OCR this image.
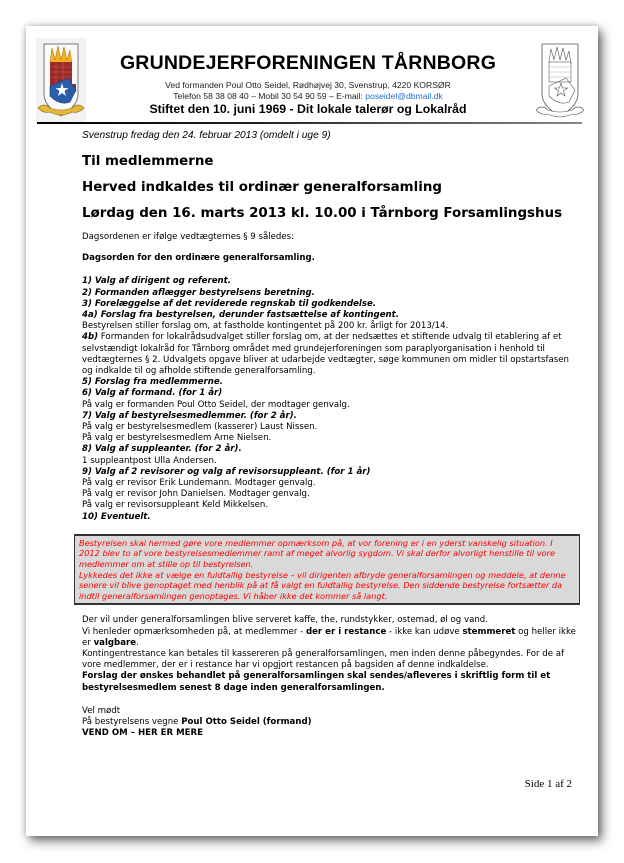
GRUNDEJERFORENINGEN TÅRNBORG
Ved formanden Poul Otto Seidel, Rødhøjvej 30, Svenstrup, 4220 KORSØR
Telefon 58 38 08 40 – Mobil 30 54 90 59 – E-mail: poseidel@dbmail.dk
Stiftet den 10. juni 1969 - Dit lokale talerør og Lokalråd
Svenstrup fredag den 24. februar 2013 (omdelt i uge 9)
Til medlemmerne
Herved indkaldes til ordinær generalforsamling
Lørdag den 16. marts 2013 kl. 10.00 i Tårnborg Forsamlingshus
Dagsordenen er ifølge vedtægternes § 9 således:
Dagsorden for den ordinære generalforsamling.
1) Valg af dirigent og referent.
2) Formanden aflægger bestyrelsens beretning.
3) Forelæggelse af det reviderede regnskab til godkendelse.
4a) Forslag fra bestyrelsen, derunder fastsættelse af kontingent.
Bestyrelsen stiller forslag om, at fastholde kontingentet på 200 kr. årligt for 2013/14.
4b) Formanden for lokalrådsudvalget stiller forslag om, at der nedsættes et stiftende udvalg til etablering af et selvstændigt lokalråd for Tårnborg området med grundejerforeningen som paraplyorganisation i henhold til vedtægternes § 2. Udvalgets opgave bliver at udarbejde vedtægter, søge kommunen om midler til opstartsfasen og indkalde til og afholde stiftende generalforsamling.
5) Forslag fra medlemmerne.
6) Valg af formand. (for 1 år)
På valg er formanden Poul Otto Seidel, der modtager genvalg.
7) Valg af bestyrelsesmedlemmer. (for 2 år).
På valg er bestyrelsesmedlem (kasserer) Laust Nissen.
På valg er bestyrelsesmedlem Arne Nielsen.
8) Valg af suppleanter. (for 2 år).
1 suppleantpost Ulla Andersen.
9) Valg af 2 revisorer og valg af revisorsuppleant. (for 1 år)
På valg er revisor Erik Lundemann. Modtager genvalg.
På valg er revisor John Danielsen. Modtager genvalg.
På valg er revisorsuppleant Keld Mikkelsen.
10) Eventuelt.
Bestyrelsen skal hermed gøre vore medlemmer opmærksom på, at vor forening er i en yderst vanskelig situation. I 2012 blev to af vore bestyrelsesmedlemmer ramt af meget alvorlig sygdom. Vi skal derfor alvorligt henstille til vore medlemmer om at stille op til bestyrelsen.
Lykkedes det ikke at vælge en fuldtallig bestyrelse – vil dirigenten afbryde generalforsamlingen og meddele, at denne senere vil blive genoptaget med henblik på at få valgt en fuldtallig bestyrelse. Den siddende bestyrelse fortsætter da indtil generalforsamlingen genoptages. Vi håber ikke det kommer så langt.

Der vil under generalforsamlingen blive serveret kaffe, the, rundstykker, ostemad, øl og vand.

Vi henleder opmærksomheden på, at medlemmer - der er i restance - ikke kan udøve stemmeret og heller ikke er valgbare.

Kontingentrestance kan betales til kassereren på generalforsamlingen, men inden denne påbegyndes. For de af vore medlemmer, der er i restance har vi opgjort restancen på bagsiden af denne indkaldelse.

Forslag der ønskes behandlet på generalforsamlingen skal sendes/afleveres i skriftlig form til et bestyrelsesmedlem senest 8 dage inden generalforsamlingen.

Vel mødt
På bestyrelsens vegne Poul Otto Seidel (formand)
VEND OM – HER ER MERE
Side 1 af 2
